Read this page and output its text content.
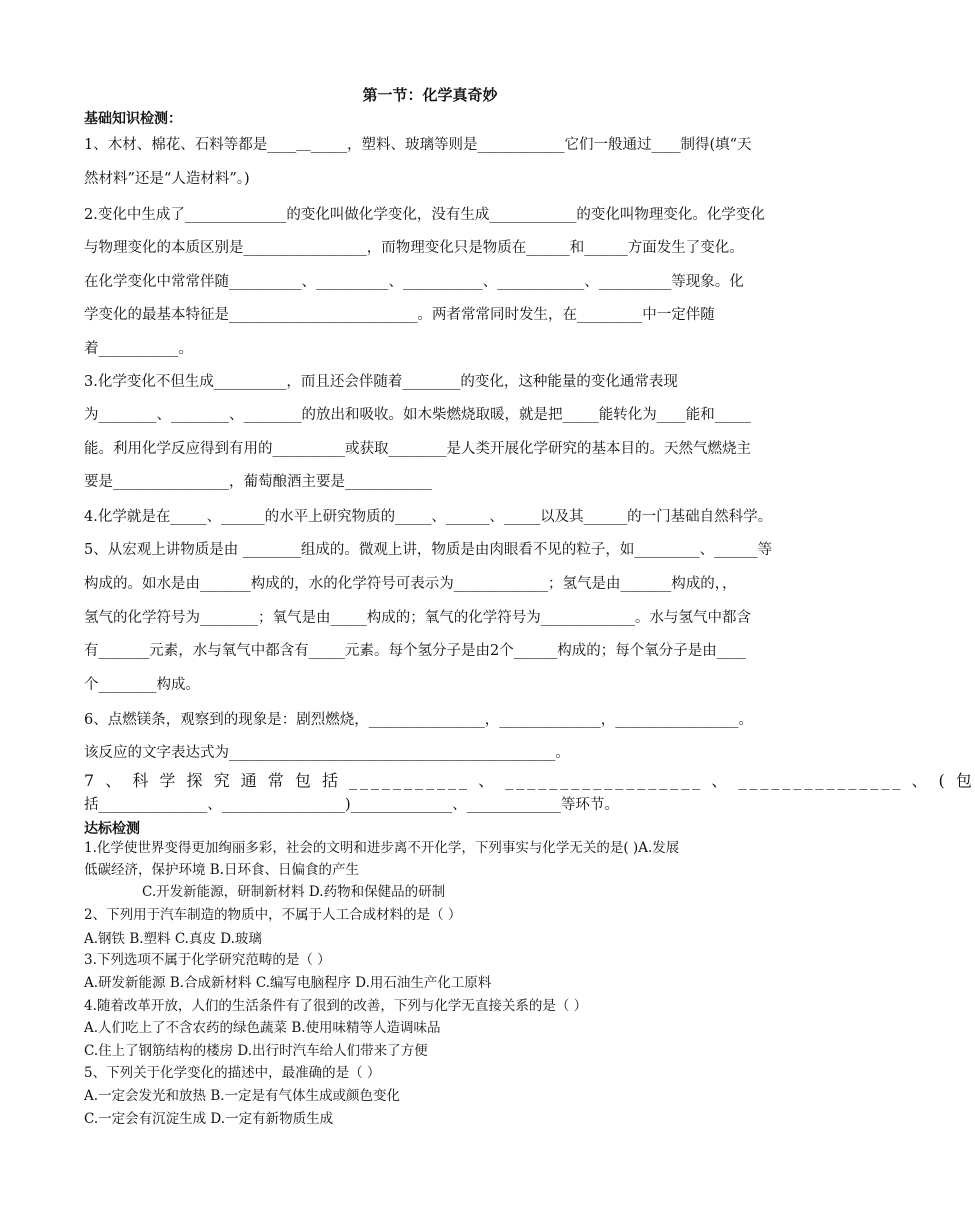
第一节：化学真奇妙
基础知识检测：
1、木材、棉花、石料等都是____＿_____，塑料、玻璃等则是____________它们一般通过____制得(填“天
然材料”还是“人造材料”。)
2.变化中生成了______________的变化叫做化学变化，没有生成____________的变化叫物理变化。化学变化
与物理变化的本质区别是_________________，而物理变化只是物质在______和______方面发生了变化。
在化学变化中常常伴随__________、__________、___________、____________、__________等现象。化
学变化的最基本特征是__________________________。两者常常同时发生，在_________中一定伴随
着___________。
3.化学变化不但生成__________，而且还会伴随着________的变化，这种能量的变化通常表现
为________、________、________的放出和吸收。如木柴燃烧取暖，就是把_____能转化为____能和_____
能。利用化学反应得到有用的__________或获取________是人类开展化学研究的基本目的。天然气燃烧主
要是________________，葡萄酿酒主要是____________
4.化学就是在_____、______的水平上研究物质的_____、______、_____以及其______的一门基础自然科学。
5、从宏观上讲物质是由 ________组成的。微观上讲，物质是由肉眼看不见的粒子，如_________、______等
构成的。如水是由_______构成的，水的化学符号可表示为_____________；氢气是由_______构成的，，
氢气的化学符号为________；氧气是由_____构成的；氧气的化学符号为_____________。水与氢气中都含
有_______元素，水与氧气中都含有_____元素。每个氢分子是由2个______构成的；每个氧分子是由____
个________构成。
6、点燃镁条，观察到的现象是：剧烈燃烧，________________，______________，_________________。
该反应的文字表达式为_____________________________________________。
7 、 科 学 探 究 通 常 包 括 ___________ 、 __________________ 、 _______________ 、 ( 包
括_______________、_________________)______________、_____________等环节。
达标检测
1.化学使世界变得更加绚丽多彩，社会的文明和进步离不开化学，下列事实与化学无关的是( )A.发展
低碳经济，保护环境 B.日环食、日偏食的产生
C.开发新能源，研制新材料 D.药物和保健品的研制
2、下列用于汽车制造的物质中，不属于人工合成材料的是（ ）
A.钢铁 B.塑料 C.真皮 D.玻璃
3.下列选项不属于化学研究范畴的是（ ）
A.研发新能源 B.合成新材料 C.编写电脑程序 D.用石油生产化工原料
4.随着改革开放，人们的生活条件有了很到的改善，下列与化学无直接关系的是（ ）
A.人们吃上了不含农药的绿色蔬菜 B.使用味精等人造调味品
C.住上了钢筋结构的楼房 D.出行时汽车给人们带来了方便
5、下列关于化学变化的描述中，最准确的是（ ）
A.一定会发光和放热 B.一定是有气体生成或颜色变化
C.一定会有沉淀生成 D.一定有新物质生成
